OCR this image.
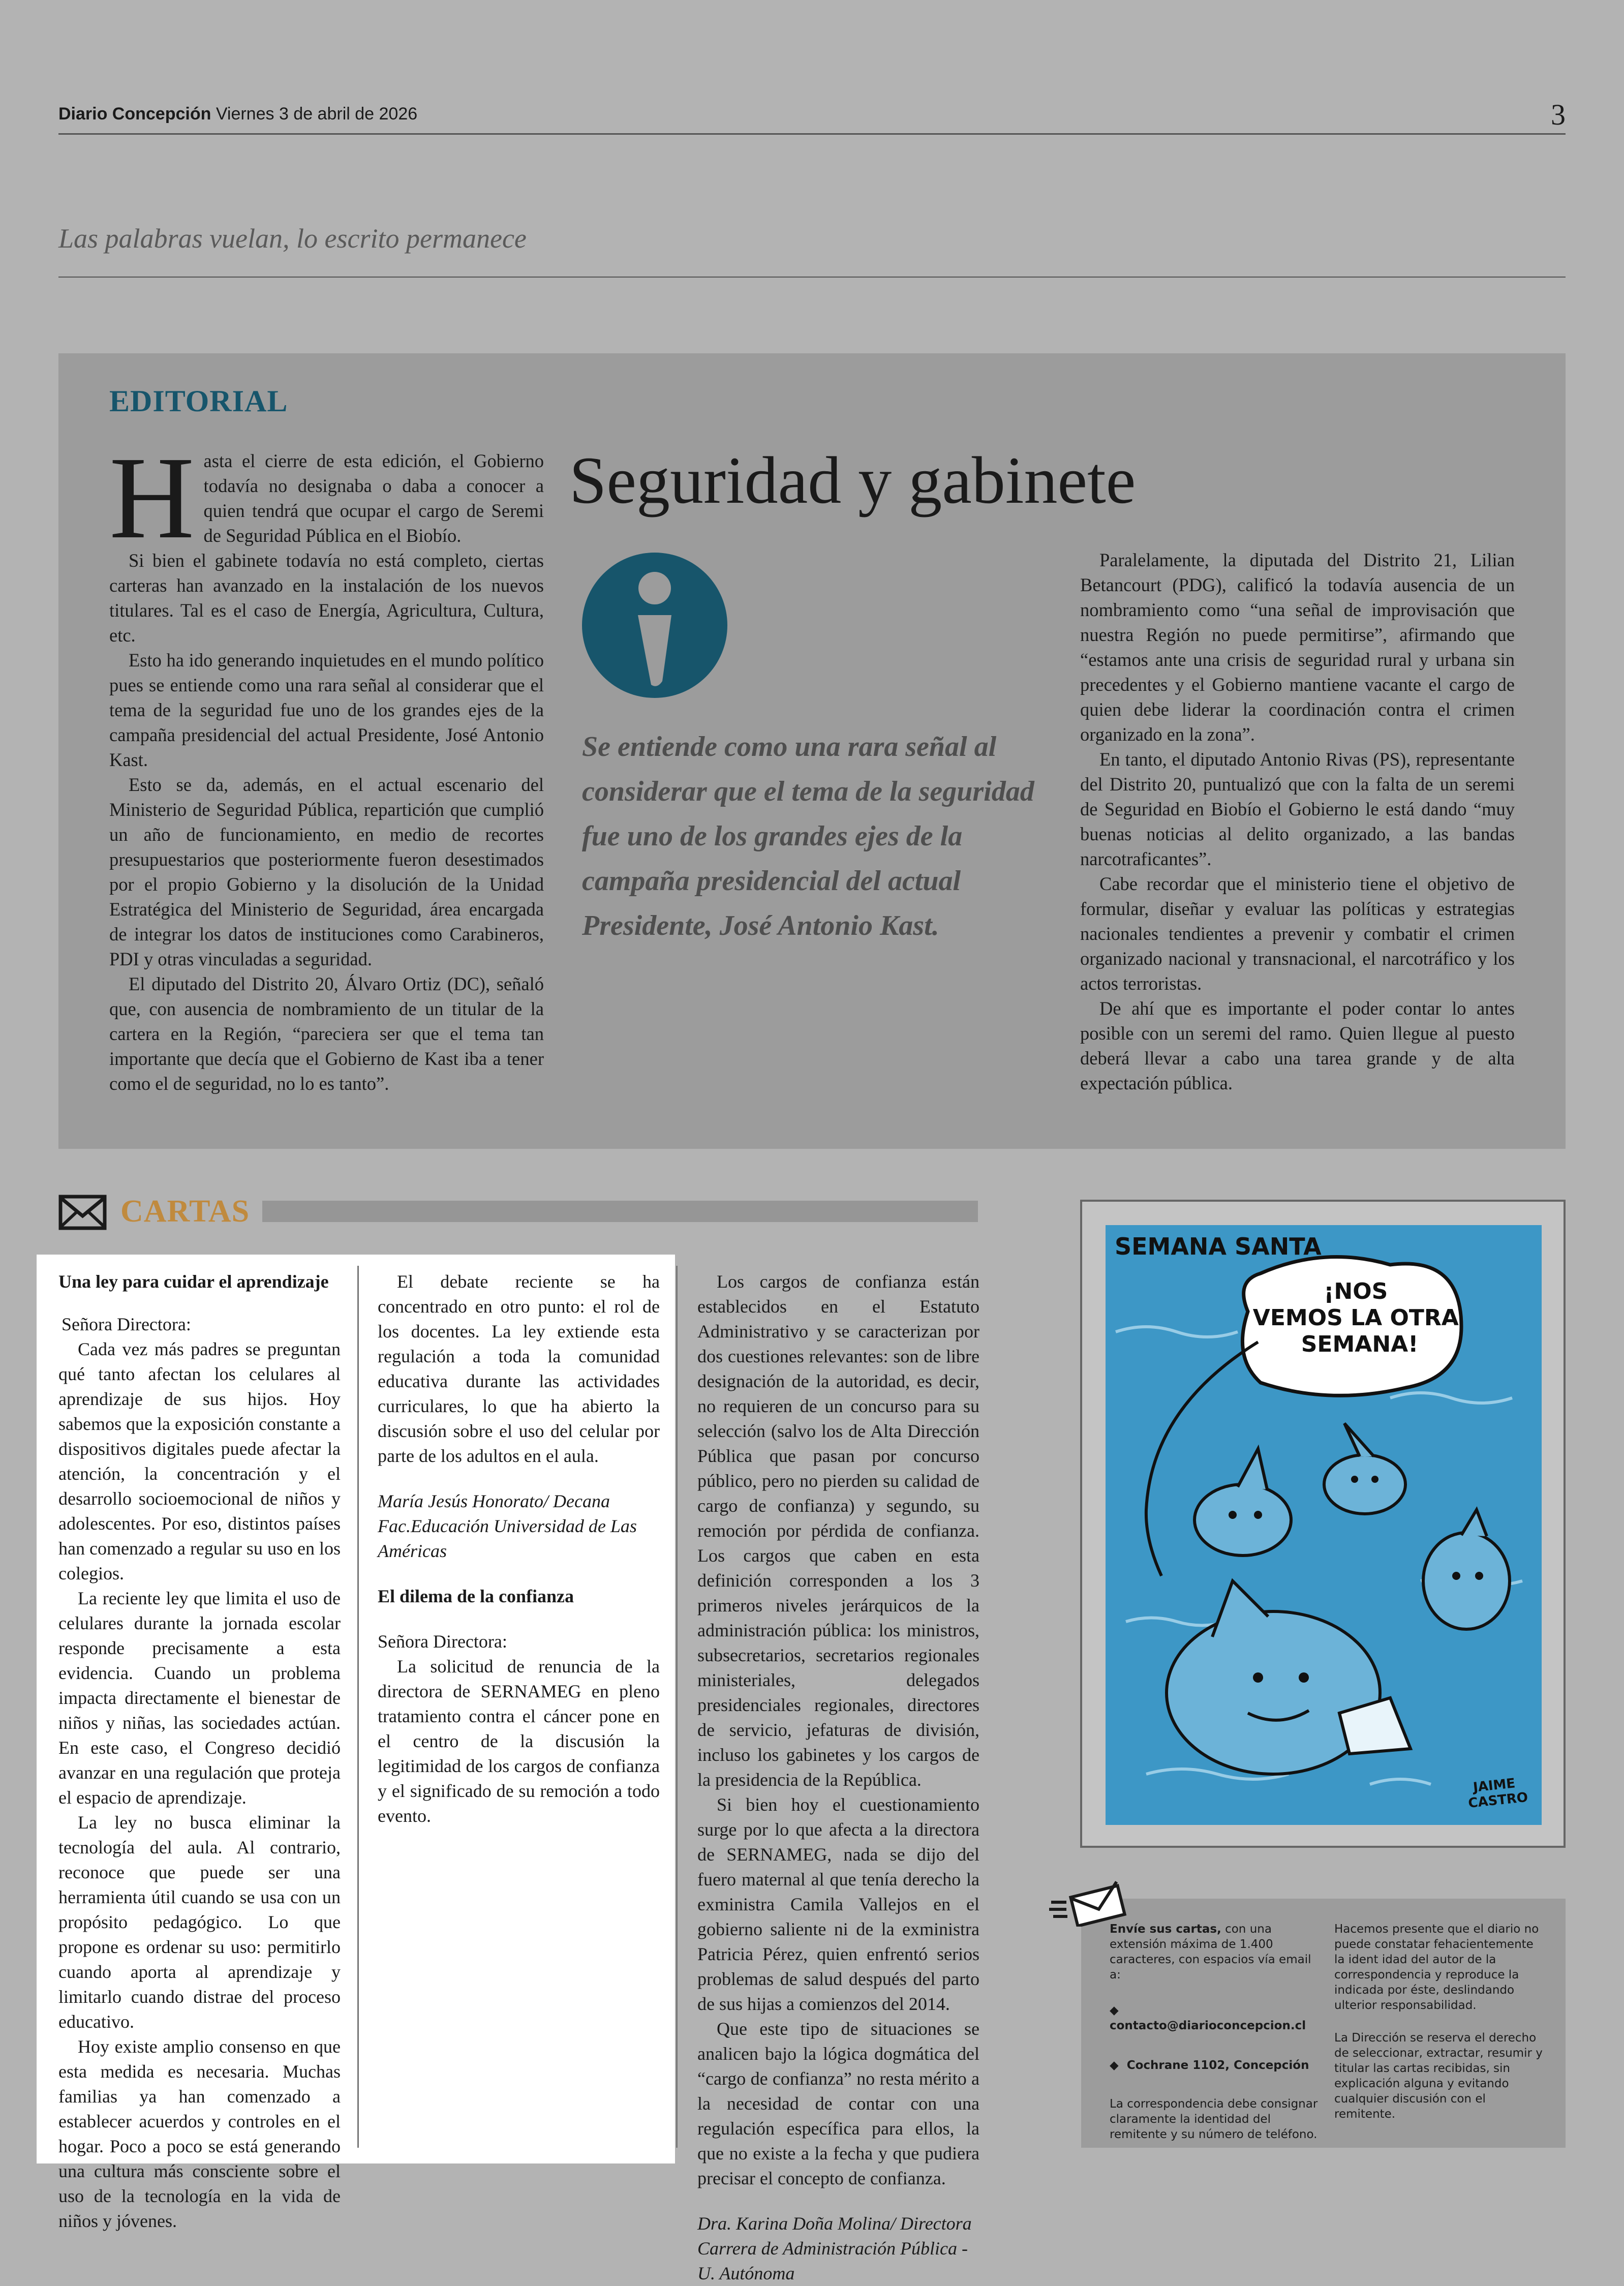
Diario Concepción Viernes 3 de abril de 2026	3
Las palabras vuelan, lo escrito permanece
EDITORIAL

Hasta el cierre de esta edición, el Gobierno todavía no designaba o daba a conocer a quien tendrá que ocupar el cargo de Seremi de Seguridad Pública en el Biobío.

Si bien el gabinete todavía no está completo, ciertas carteras han avanzado en la instalación de los nuevos titulares. Tal es el caso de Energía, Agricultura, Cultura, etc.

Esto ha ido generando inquietudes en el mundo político pues se entiende como una rara señal al considerar que el tema de la seguridad fue uno de los grandes ejes de la campaña presidencial del actual Presidente, José Antonio Kast.

Esto se da, además, en el actual escenario del Ministerio de Seguridad Pública, repartición que cumplió un año de funcionamiento, en medio de recortes presupuestarios que posteriormente fueron desestimados por el propio Gobierno y la disolución de la Unidad Estratégica del Ministerio de Seguridad, área encargada de integrar los datos de instituciones como Carabineros, PDI y otras vinculadas a seguridad.

El diputado del Distrito 20, Álvaro Ortiz (DC), señaló que, con ausencia de nombramiento de un titular de la cartera en la Región, “pareciera ser que el tema tan importante que decía que el Gobierno de Kast iba a tener como el de seguridad, no lo es tanto”.

Seguridad y gabinete
Se entiende como una rara señal al considerar que el tema de la seguridad fue uno de los grandes ejes de la campaña presidencial del actual Presidente, José Antonio Kast.

Paralelamente, la diputada del Distrito 21, Lilian Betancourt (PDG), calificó la todavía ausencia de un nombramiento como “una señal de improvisación que nuestra Región no puede permitirse”, afirmando que “estamos ante una crisis de seguridad rural y urbana sin precedentes y el Gobierno mantiene vacante el cargo de quien debe liderar la coordinación contra el crimen organizado en la zona”.

En tanto, el diputado Antonio Rivas (PS), representante del Distrito 20, puntualizó que con la falta de un seremi de Seguridad en Biobío el Gobierno le está dando “muy buenas noticias al delito organizado, a las bandas narcotraficantes”.

Cabe recordar que el ministerio tiene el objetivo de formular, diseñar y evaluar las políticas y estrategias nacionales tendientes a prevenir y combatir el crimen organizado nacional y transnacional, el narcotráfico y los actos terroristas.

De ahí que es importante el poder contar lo antes posible con un seremi del ramo. Quien llegue al puesto deberá llevar a cabo una tarea grande y de alta expectación pública.

CARTAS

Una ley para cuidar el aprendizaje

Señora Directora:

Cada vez más padres se preguntan qué tanto afectan los celulares al aprendizaje de sus hijos. Hoy sabemos que la exposición constante a dispositivos digitales puede afectar la atención, la concentración y el desarrollo socioemocional de niños y adolescentes. Por eso, distintos países han comenzado a regular su uso en los colegios.

La reciente ley que limita el uso de celulares durante la jornada escolar responde precisamente a esta evidencia. Cuando un problema impacta directamente el bienestar de niños y niñas, las sociedades actúan. En este caso, el Congreso decidió avanzar en una regulación que proteja el espacio de aprendizaje.

La ley no busca eliminar la tecnología del aula. Al contrario, reconoce que puede ser una herramienta útil cuando se usa con un propósito pedagógico. Lo que propone es ordenar su uso: permitirlo cuando aporta al aprendizaje y limitarlo cuando distrae del proceso educativo.

Hoy existe amplio consenso en que esta medida es necesaria. Muchas familias ya han comenzado a establecer acuerdos y controles en el hogar. Poco a poco se está generando una cultura más consciente sobre el uso de la tecnología en la vida de niños y jóvenes.

El debate reciente se ha concentrado en otro punto: el rol de los docentes. La ley extiende esta regulación a toda la comunidad educativa durante las actividades curriculares, lo que ha abierto la discusión sobre el uso del celular por parte de los adultos en el aula.

María Jesús Honorato/ Decana Fac.Educación Universidad de Las Américas

El dilema de la confianza

Señora Directora:

La solicitud de renuncia de la directora de SERNAMEG en pleno tratamiento contra el cáncer pone en el centro de la discusión la legitimidad de los cargos de confianza y el significado de su remoción a todo evento.

Los cargos de confianza están establecidos en el Estatuto Administrativo y se caracterizan por dos cuestiones relevantes: son de libre designación de la autoridad, es decir, no requieren de un concurso para su selección (salvo los de Alta Dirección Pública que pasan por concurso público, pero no pierden su calidad de cargo de confianza) y segundo, su remoción por pérdida de confianza. Los cargos que caben en esta definición corresponden a los 3 primeros niveles jerárquicos de la administración pública: los ministros, subsecretarios, secretarios regionales ministeriales, delegados presidenciales regionales, directores de servicio, jefaturas de división, incluso los gabinetes y los cargos de la presidencia de la República.

Si bien hoy el cuestionamiento surge por lo que afecta a la directora de SERNAMEG, nada se dijo del fuero maternal al que tenía derecho la exministra Camila Vallejos en el gobierno saliente ni de la exministra Patricia Pérez, quien enfrentó serios problemas de salud después del parto de sus hijas a comienzos del 2014.

Que este tipo de situaciones se analicen bajo la lógica dogmática del “cargo de confianza” no resta mérito a la necesidad de contar con una regulación específica para ellos, la que no existe a la fecha y que pudiera precisar el concepto de confianza.

Dra. Karina Doña Molina/ Directora Carrera de Administración Pública - U. Autónoma

SEMANA SANTA
¡NOS VEMOS LA OTRA SEMANA!
JAIME CASTRO
Envíe sus cartas, con una extensión máxima de 1.400 caracteres, con espacios vía email a:
◆  contacto@diarioconcepcion.cl
◆ Cochrane 1102, Concepción
La correspondencia debe consignar claramente la identidad del remitente y su número de teléfono.
Hacemos presente que el diario no puede constatar fehacientemente la ident idad del autor de la correspondencia y reproduce la indicada por éste, deslindando ulterior responsabilidad.
La Dirección se reserva el derecho de seleccionar, extractar, resumir y titular las cartas recibidas, sin explicación alguna y evitando cualquier discusión con el remitente.
